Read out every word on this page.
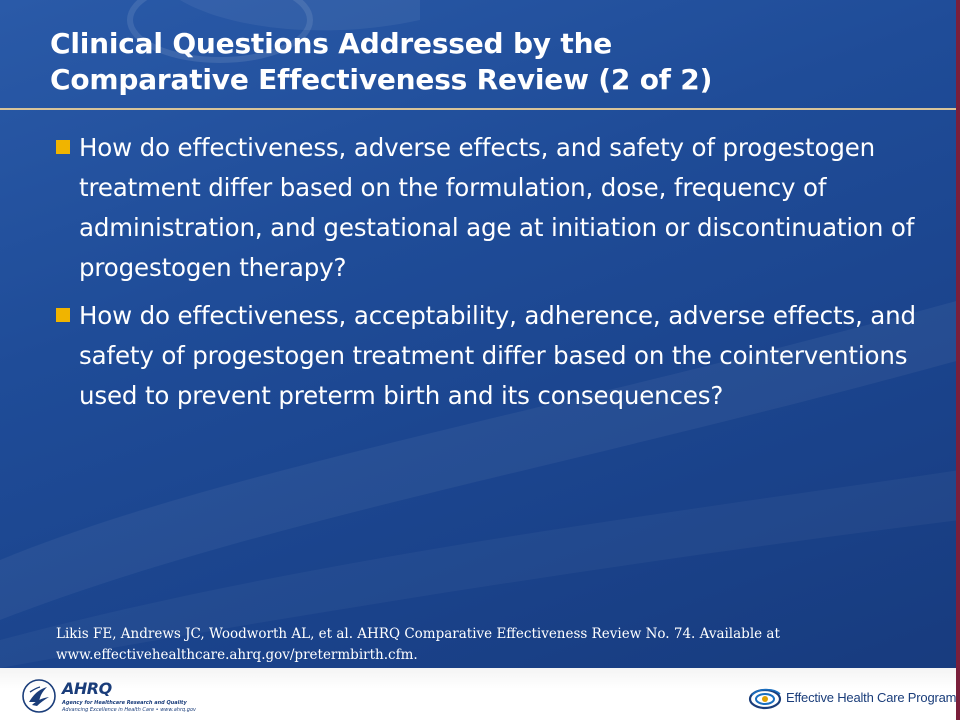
Clinical Questions Addressed by the
Comparative Effectiveness Review (2 of 2)
How do effectiveness, adverse effects, and safety of progestogen treatment differ based on the formulation, dose, frequency of administration, and gestational age at initiation or discontinuation of progestogen therapy?
How do effectiveness, acceptability, adherence, adverse effects, and safety of progestogen treatment differ based on the cointerventions used to prevent preterm birth and its consequences?
Likis FE, Andrews JC, Woodworth AL, et al. AHRQ Comparative Effectiveness Review No. 74. Available at
www.effectivehealthcare.ahrq.gov/pretermbirth.cfm.
AHRQ
Agency for Healthcare Research and Quality
Advancing Excellence in Health Care • www.ahrq.gov
Effective Health Care Program
